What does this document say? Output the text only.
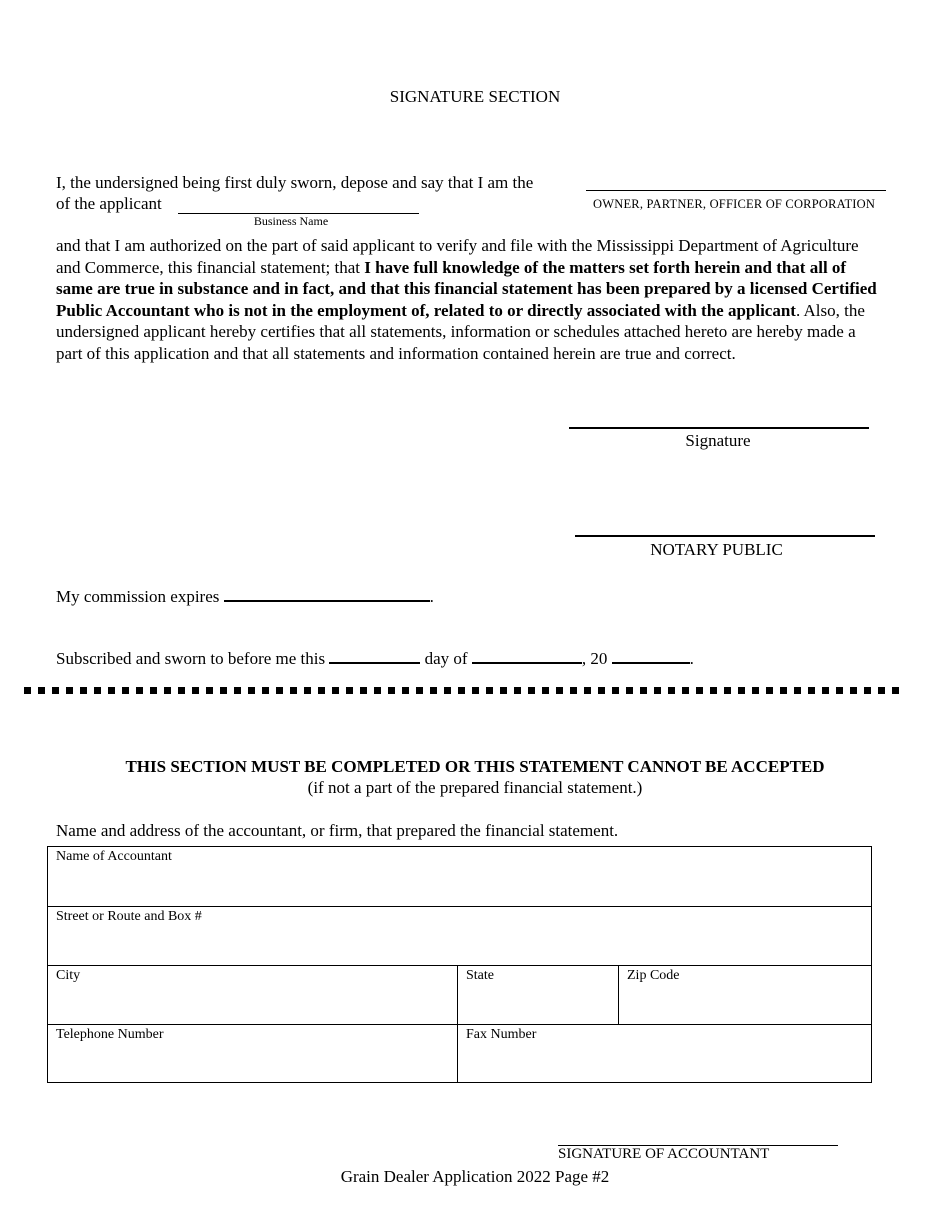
SIGNATURE SECTION
I, the undersigned being first duly sworn, depose and say that I am the
OWNER, PARTNER, OFFICER OF CORPORATION
of the applicant
Business Name
and that I am authorized on the part of said applicant to verify and file with the Mississippi Department of Agriculture and Commerce, this financial statement; that I have full knowledge of the matters set forth herein and that all of same are true in substance and in fact, and that this financial statement has been prepared by a licensed Certified Public Accountant who is not in the employment of, related to or directly associated with the applicant. Also, the undersigned applicant hereby certifies that all statements, information or schedules attached hereto are hereby made a part of this application and that all statements and information contained herein are true and correct.
Signature
NOTARY PUBLIC
My commission expires	.
Subscribed and sworn to before me this	day of	, 20	.
THIS SECTION MUST BE COMPLETED OR THIS STATEMENT CANNOT BE ACCEPTED
(if not a part of the prepared financial statement.)
Name and address of the accountant, or firm, that prepared the financial statement.
Name of Accountant		
Street or Route and Box #		
City	State	Zip Code
Telephone Number	Fax Number	
SIGNATURE OF ACCOUNTANT
Grain Dealer Application 2022 Page #2
